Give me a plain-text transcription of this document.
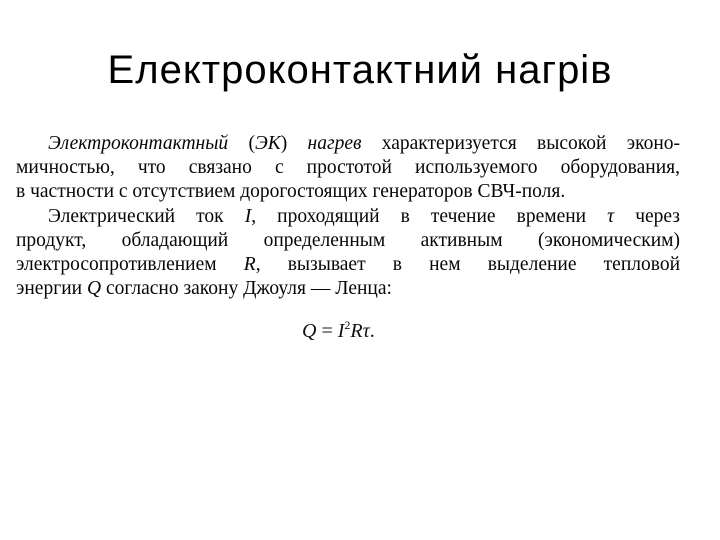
Електроконтактний нагрів
Электроконтактный (ЭК) нагрев характеризуется высокой эконо-
мичностью, что связано с простотой используемого оборудования,
в частности с отсутствием дорогостоящих генераторов СВЧ-поля.
Электрический ток I, проходящий в течение времени τ через
продукт, обладающий определенным активным (экономическим)
электросопротивлением R, вызывает в нем выделение тепловой
энергии Q согласно закону Джоуля — Ленца:
$Q = I^2R\tau$.
